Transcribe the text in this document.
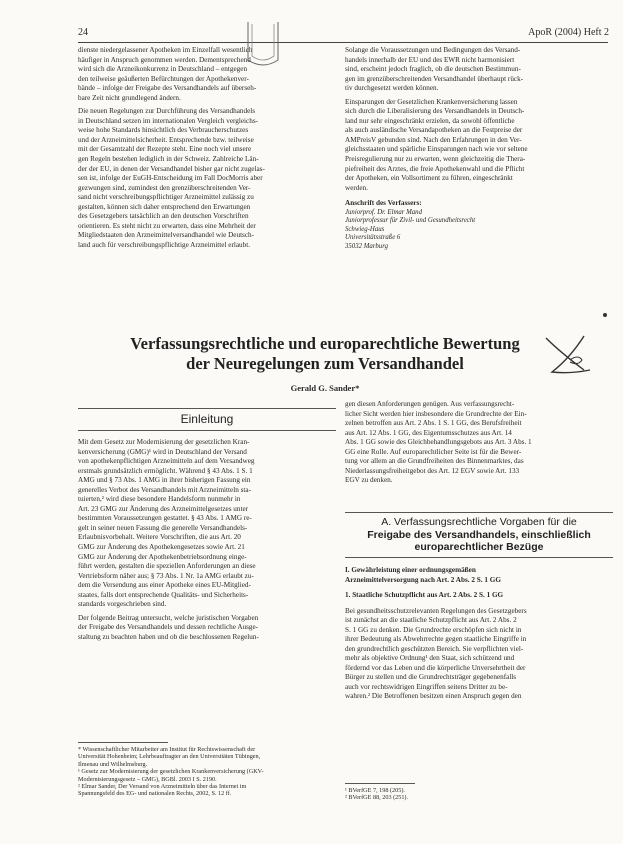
24	ApoR (2004) Heft 2

dienste niedergelassener Apotheken im Einzelfall wesentlich
häufiger in Anspruch genommen werden. Dementsprechend
wird sich die Arzneikonkurrenz in Deutschland – entgegen
den teilweise geäußerten Befürchtungen der Apothekenver-
bände – infolge der Freigabe des Versandhandels auf überseh-
bare Zeit nicht grundlegend ändern.

Die neuen Regelungen zur Durchführung des Versandhandels
in Deutschland setzen im internationalen Vergleich vergleichs-
weise hohe Standards hinsichtlich des Verbraucherschutzes
und der Arzneimittelsicherheit. Entsprechende bzw. teilweise
mit der Gesamtzahl der Rezepte steht. Eine noch viel unsere
gen Regeln bestehen lediglich in der Schweiz. Zahlreiche Län-
der der EU, in denen der Versandhandel bisher gar nicht zugelas-
sen ist, infolge der EuGH-Entscheidung im Fall DocMorris aber
gezwungen sind, zumindest den grenzüberschreitenden Ver-
sand nicht verschreibungspflichtiger Arzneimittel zulässig zu
gestalten, können sich daher entsprechend den Erwartungen
des Gesetzgebers tatsächlich an den deutschen Vorschriften
orientieren. Es steht nicht zu erwarten, dass eine Mehrheit der
Mitgliedstaaten den Arzneimittelversandhandel wie Deutsch-
land auch für verschreibungspflichtige Arzneimittel erlaubt.

Solange die Voraussetzungen und Bedingungen des Versand-
handels innerhalb der EU und des EWR nicht harmonisiert
sind, erscheint jedoch fraglich, ob die deutschen Bestimmun-
gen im grenzüberschreitenden Versandhandel überhaupt rück-
tiv durchgesetzt werden können.

Einsparungen der Gesetzlichen Krankenversicherung lassen
sich durch die Liberalisierung des Versandhandels in Deutsch-
land nur sehr eingeschränkt erzielen, da sowohl öffentliche
als auch ausländische Versandapotheken an die Festpreise der
AMPreisV gebunden sind. Nach den Erfahrungen in den Ver-
gleichsstaaten und spärliche Einsparungen nach wie vor seltene
Preisregulierung nur zu erwarten, wenn gleichzeitig die Thera-
piefreiheit des Arztes, die freie Apothekenwahl und die Pflicht
der Apotheken, ein Vollsortiment zu führen, eingeschränkt
werden.

Anschrift des Verfassers:
Juniorprof. Dr. Elmar Mand
Juniorprofessur für Zivil- und Gesundheitsrecht
Schwieg-Haus
Universitätsstraße 6
35032 Marburg
Verfassungsrechtliche und europarechtliche Bewertung
der Neuregelungen zum Versandhandel
Gerald G. Sander*
Einleitung

Mit dem Gesetz zur Modernisierung der gesetzlichen Kran-
kenversicherung (GMG)¹ wird in Deutschland der Versand
von apothekenpflichtigen Arzneimitteln auf dem Versandweg
erstmals grundsätzlich ermöglicht. Während § 43 Abs. 1 S. 1
AMG und § 73 Abs. 1 AMG in ihrer bisherigen Fassung ein
generelles Verbot des Versandhandels mit Arzneimitteln sta-
tuierten,² wird diese besondere Handelsform nunmehr in
Art. 23 GMG zur Änderung des Arzneimittelgesetzes unter
bestimmten Voraussetzungen gestattet. § 43 Abs. 1 AMG re-
gelt in seiner neuen Fassung die generelle Versandhandels-
Erlaubnisvorbehalt. Weitere Vorschriften, die aus Art. 20
GMG zur Änderung des Apothekengesetzes sowie Art. 21
GMG zur Änderung der Apothekenbetriebsordnung einge-
führt werden, gestalten die speziellen Anforderungen an diese
Vertriebsform näher aus; § 73 Abs. 1 Nr. 1a AMG erlaubt zu-
dem die Versendung aus einer Apotheke eines EU-Mitglied-
staates, falls dort entsprechende Qualitäts- und Sicherheits-
standards vorgeschrieben sind.

Der folgende Beitrag untersucht, welche juristischen Vorgaben
der Freigabe des Versandhandels und dessen rechtliche Ausge-
staltung zu beachten haben und ob die beschlossenen Regelun-

* Wissenschaftlicher Mitarbeiter am Institut für Rechtswissenschaft der
Universität Hohenheim; Lehrbeauftragter an den Universitäten Tübingen,
Ilmenau und Wilhelmsburg.
¹ Gesetz zur Modernisierung der gesetzlichen Krankenversicherung (GKV-
Modernisierungsgesetz – GMG), BGBl. 2003 I S. 2190.
² Elmar Sander, Der Versand von Arzneimitteln über das Internet im
Spannungsfeld des EG- und nationalen Rechts, 2002, S. 12 ff.
gen diesen Anforderungen genügen. Aus verfassungsrecht-
licher Sicht werden hier insbesondere die Grundrechte der Ein-
zelnen betroffen aus Art. 2 Abs. 1 S. 1 GG, des Berufsfreiheit
aus Art. 12 Abs. 1 GG, des Eigentumsschutzes aus Art. 14
Abs. 1 GG sowie des Gleichbehandlungsgebots aus Art. 3 Abs. 1
GG eine Rolle. Auf europarechtlicher Seite ist für die Bewer-
tung vor allem an die Grundfreiheiten des Binnenmarktes, das
Niederlassungsfreiheitgebot des Art. 12 EGV sowie Art. 133
EGV zu denken.
A. Verfassungsrechtliche Vorgaben für die
Freigabe des Versandhandels, einschließlich
europarechtlicher Bezüge
I. Gewährleistung einer ordnungsgemäßen
Arzneimittelversorgung nach Art. 2 Abs. 2 S. 1 GG
1. Staatliche Schutzpflicht aus Art. 2 Abs. 2 S. 1 GG
Bei gesundheitsschutzrelevanten Regelungen des Gesetzgebers
ist zunächst an die staatliche Schutzpflicht aus Art. 2 Abs. 2
S. 1 GG zu denken. Die Grundrechte erschöpfen sich nicht in
ihrer Bedeutung als Abwehrrechte gegen staatliche Eingriffe in
den grundrechtlich geschützten Bereich. Sie verpflichten viel-
mehr als objektive Ordnung¹ den Staat, sich schützend und
fördernd vor das Leben und die körperliche Unversehrtheit der
Bürger zu stellen und die Grundrechtsträger gegebenenfalls
auch vor rechtswidrigen Eingriffen seitens Dritter zu be-
wahren.² Die Betroffenen besitzen einen Anspruch gegen den
¹ BVerfGE 7, 198 (205).
² BVerfGE 88, 203 (251).
